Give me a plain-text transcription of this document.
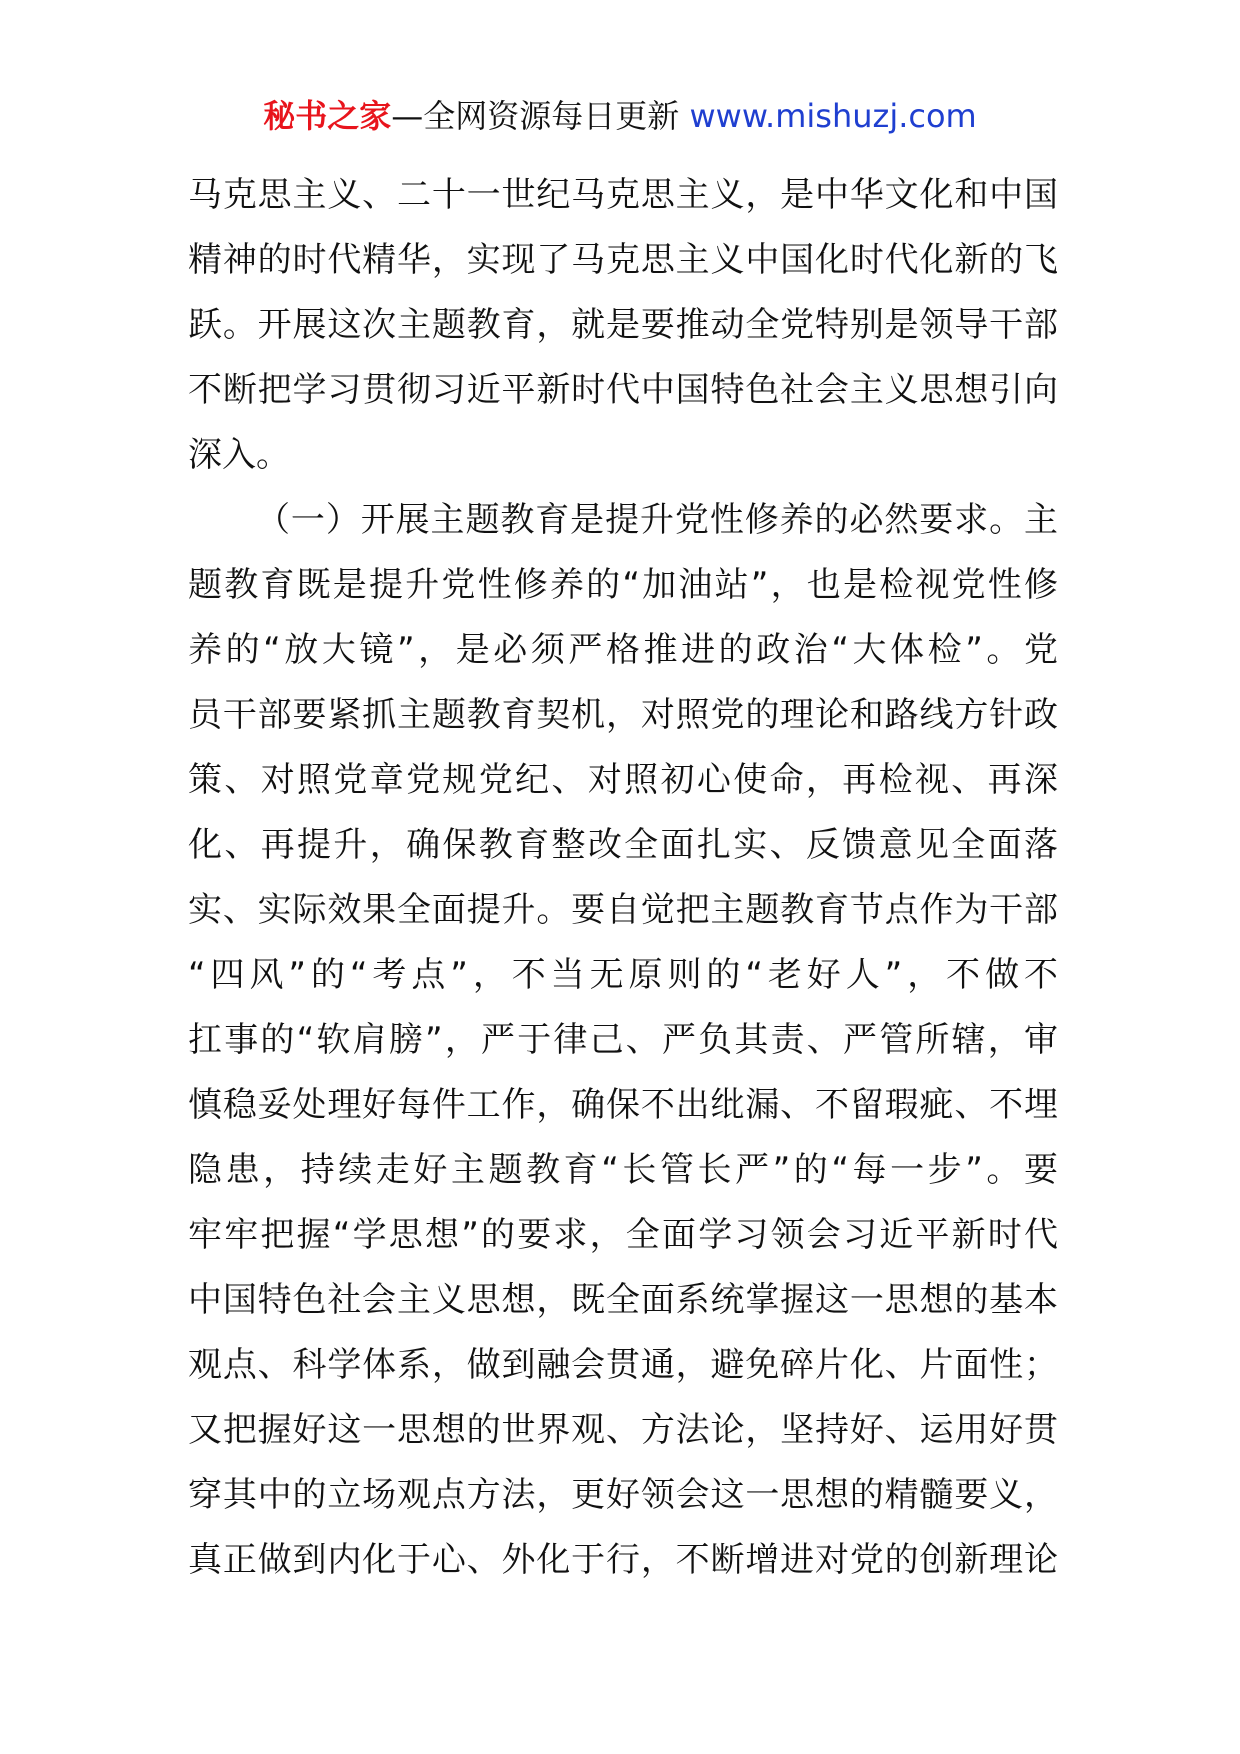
秘书之家—全网资源每日更新 www.mishuzj.com
马克思主义、二十一世纪马克思主义，是中华文化和中国
精神的时代精华，实现了马克思主义中国化时代化新的飞
跃。开展这次主题教育，就是要推动全党特别是领导干部
不断把学习贯彻习近平新时代中国特色社会主义思想引向
深入。
（一）开展主题教育是提升党性修养的必然要求。主
题教育既是提升党性修养的“加油站”，也是检视党性修
养的“放大镜”，是必须严格推进的政治“大体检”。党
员干部要紧抓主题教育契机，对照党的理论和路线方针政
策、对照党章党规党纪、对照初心使命，再检视、再深
化、再提升，确保教育整改全面扎实、反馈意见全面落
实、实际效果全面提升。要自觉把主题教育节点作为干部
“四风”的“考点”，不当无原则的“老好人”，不做不
扛事的“软肩膀”，严于律己、严负其责、严管所辖，审
慎稳妥处理好每件工作，确保不出纰漏、不留瑕疵、不埋
隐患，持续走好主题教育“长管长严”的“每一步”。要
牢牢把握“学思想”的要求，全面学习领会习近平新时代
中国特色社会主义思想，既全面系统掌握这一思想的基本
观点、科学体系，做到融会贯通，避免碎片化、片面性；
又把握好这一思想的世界观、方法论，坚持好、运用好贯
穿其中的立场观点方法，更好领会这一思想的精髓要义，
真正做到内化于心、外化于行，不断增进对党的创新理论
